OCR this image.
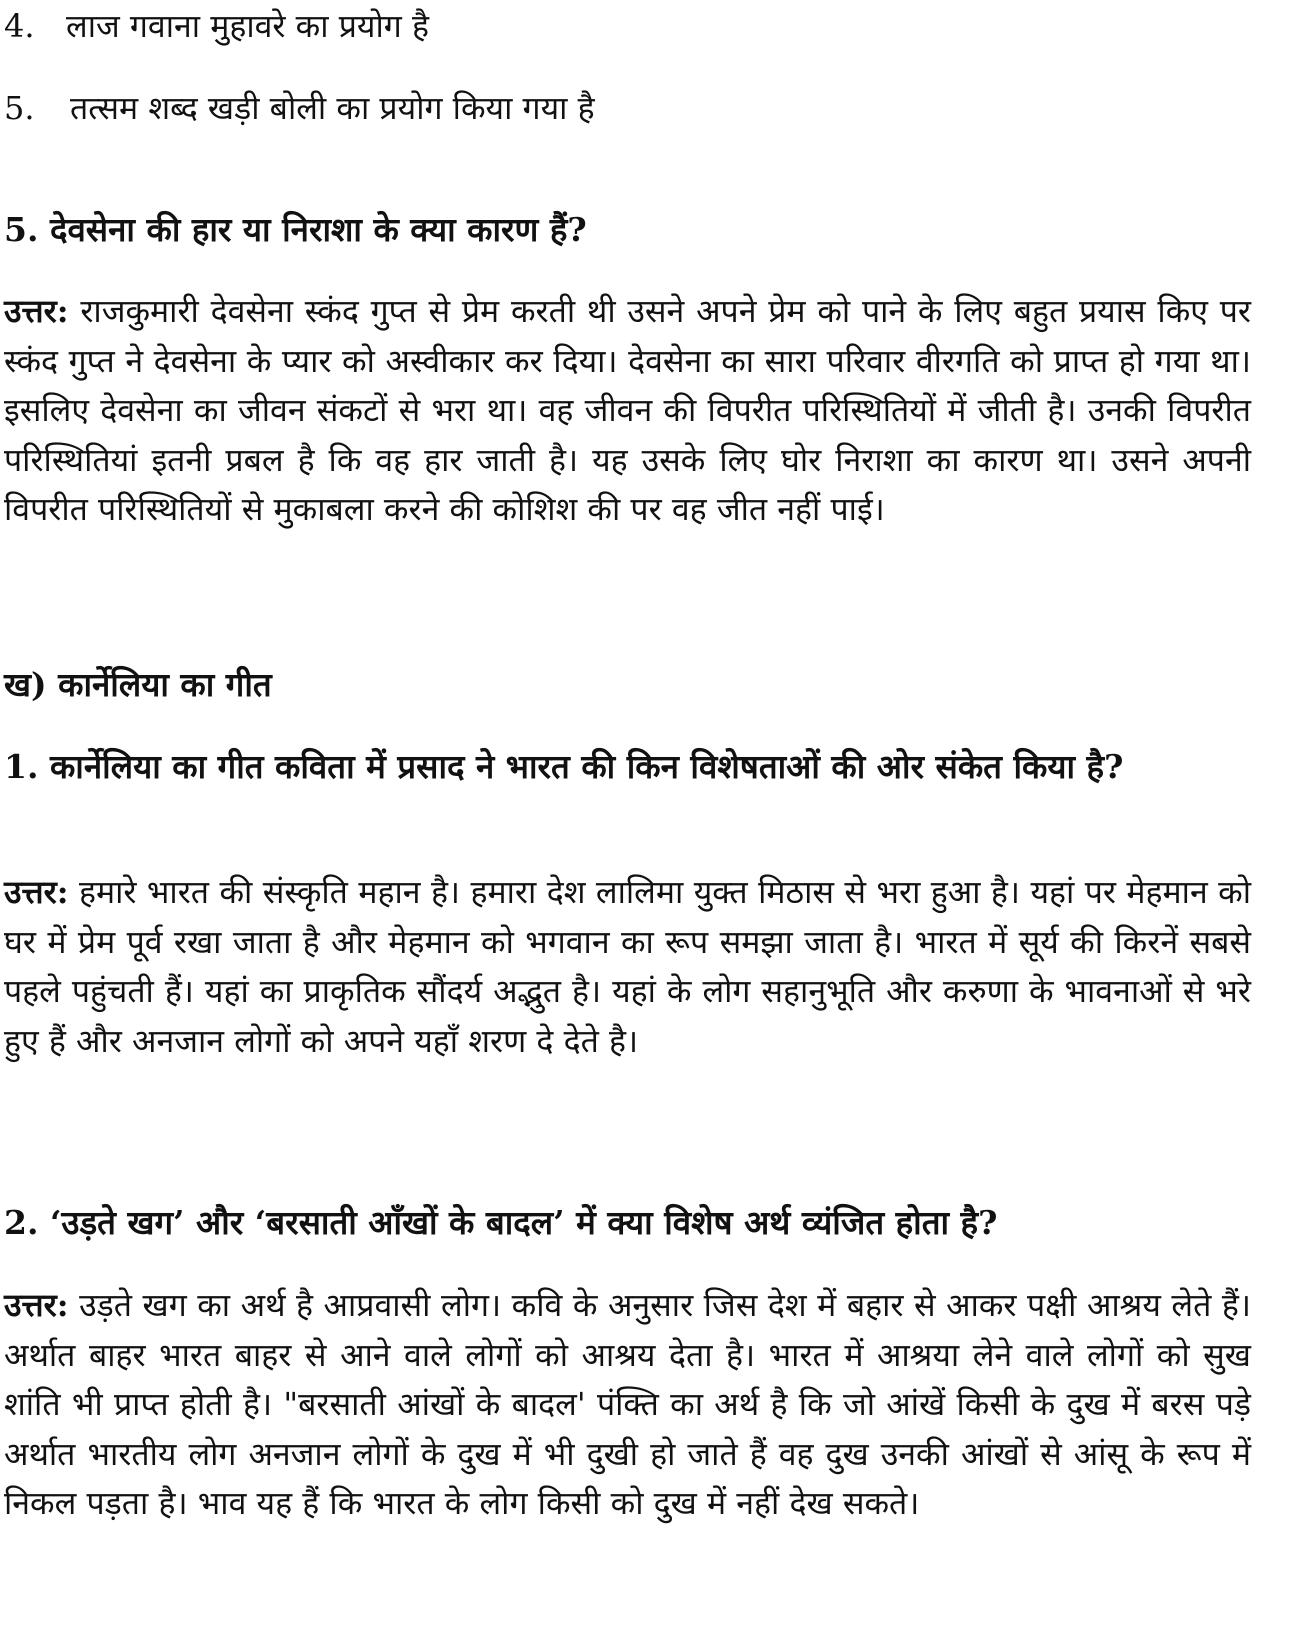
4. लाज गवाना मुहावरे का प्रयोग है

5. तत्सम शब्द खड़ी बोली का प्रयोग किया गया है

5. देवसेना की हार या निराशा के क्या कारण हैं?

उत्तर: राजकुमारी देवसेना स्कंद गुप्त से प्रेम करती थी उसने अपने प्रेम को पाने के लिए बहुत प्रयास किए पर स्कंद गुप्त ने देवसेना के प्यार को अस्वीकार कर दिया। देवसेना का सारा परिवार वीरगति को प्राप्त हो गया था। इसलिए देवसेना का जीवन संकटों से भरा था। वह जीवन की विपरीत परिस्थितियों में जीती है। उनकी विपरीत परिस्थितियां इतनी प्रबल है कि वह हार जाती है। यह उसके लिए घोर निराशा का कारण था। उसने अपनी विपरीत परिस्थितियों से मुकाबला करने की कोशिश की पर वह जीत नहीं पाई।

ख) कार्नेलिया का गीत
1. कार्नेलिया का गीत कविता में प्रसाद ने भारत की किन विशेषताओं की ओर संकेत किया है?

उत्तर: हमारे भारत की संस्कृति महान है। हमारा देश लालिमा युक्त मिठास से भरा हुआ है। यहां पर मेहमान को घर में प्रेम पूर्व रखा जाता है और मेहमान को भगवान का रूप समझा जाता है। भारत में सूर्य की किरनें सबसे पहले पहुंचती हैं। यहां का प्राकृतिक सौंदर्य अद्भुत है। यहां के लोग सहानुभूति और करुणा के भावनाओं से भरे हुए हैं और अनजान लोगों को अपने यहाँ शरण दे देते है।

2. ‘उड़ते खग’ और ‘बरसाती आँखों के बादल’ में क्या विशेष अर्थ व्यंजित होता है?

उत्तर: उड़ते खग का अर्थ है आप्रवासी लोग। कवि के अनुसार जिस देश में बहार से आकर पक्षी आश्रय लेते हैं। अर्थात बाहर भारत बाहर से आने वाले लोगों को आश्रय देता है। भारत में आश्रया लेने वाले लोगों को सुख शांति भी प्राप्त होती है। "बरसाती आंखों के बादल' पंक्ति का अर्थ है कि जो आंखें किसी के दुख में बरस पड़े अर्थात भारतीय लोग अनजान लोगों के दुख में भी दुखी हो जाते हैं वह दुख उनकी आंखों से आंसू के रूप में निकल पड़ता है। भाव यह हैं कि भारत के लोग किसी को दुख में नहीं देख सकते।
